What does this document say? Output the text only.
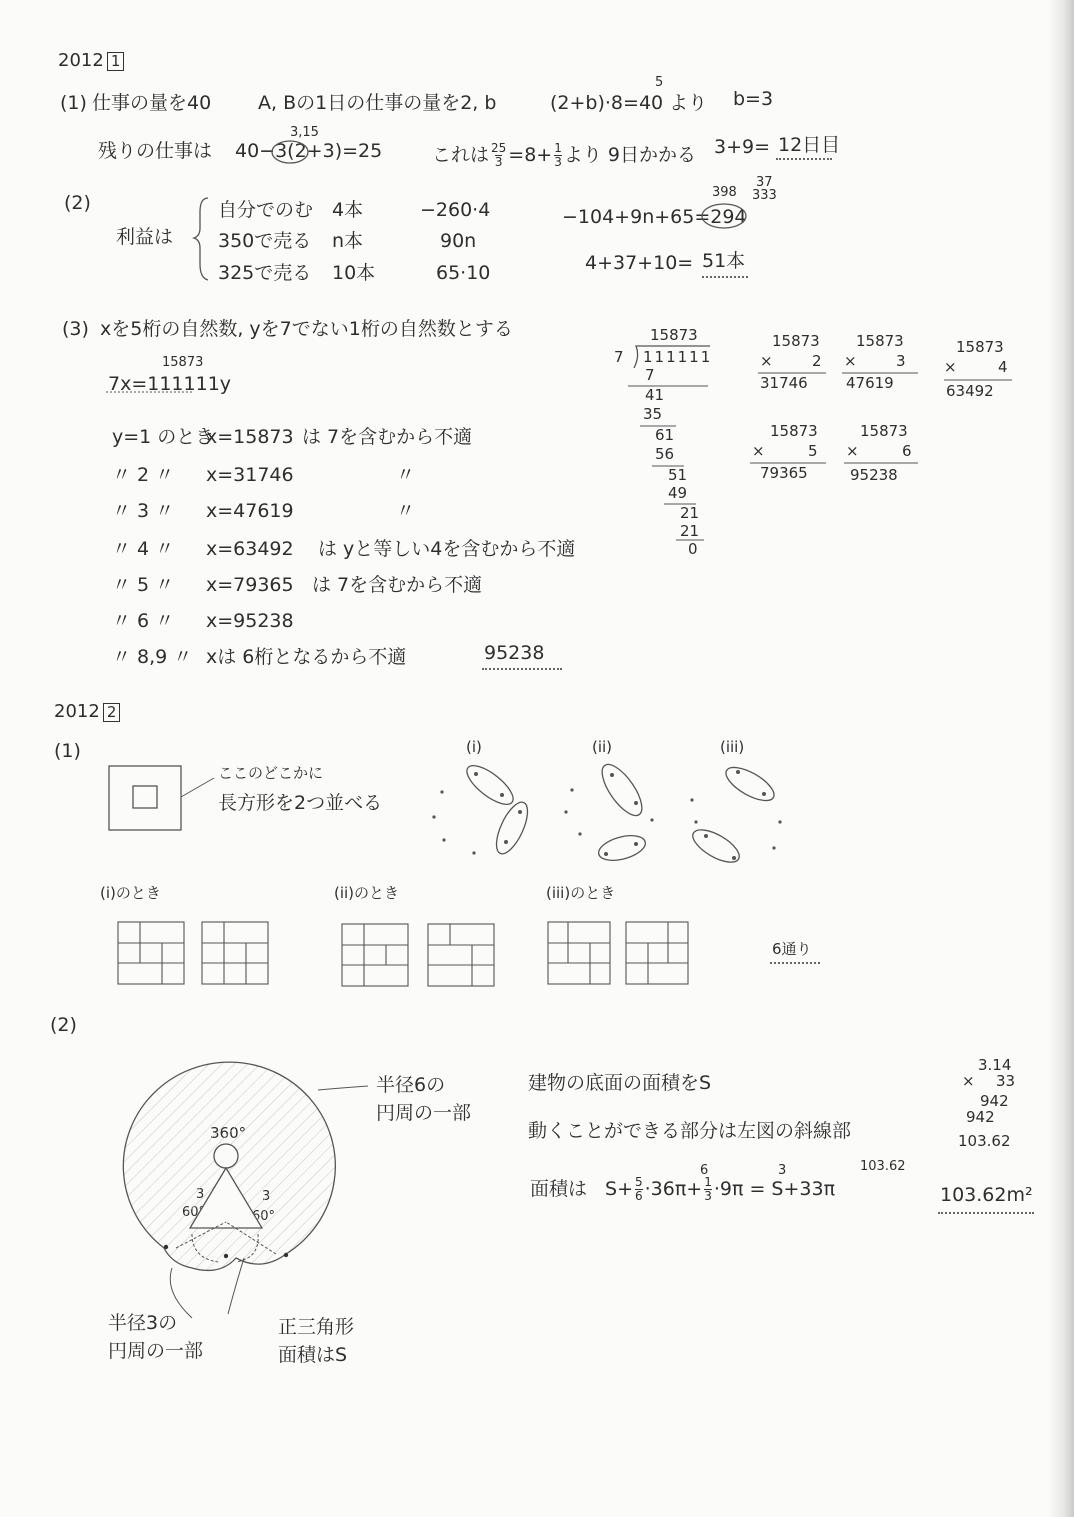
2012 1
(1) 仕事の量を40 A, Bの1日の仕事の量を2, b
5
(2+b)·8=40 より b=3
残りの仕事は
3,15
40−3(2+3)=25	これは $\frac{25}{3} =8+ \frac{1}{3}$ より 9日かかる 3+9= 12日目
(2)
利益は
自分でのむ 4本	−260·4
350で売る n本	90n
325で売る 10本	65·10
37
398 333
−104+9n+65=294
4+37+10= 51本
(3) xを5桁の自然数, yを7でない1桁の自然数とする
15873
7x=111111y
y=1 のとき
x=15873 は 7を含むから不適
〃 2 〃 x=31746	〃
〃 3 〃 x=47619	〃
〃 4 〃 x=63492 は yと等しい4を含むから不適
〃 5 〃 x=79365 は 7を含むから不適
〃 6 〃 x=95238
〃 8,9 〃 xは 6桁となるから不適	95238
15873
7 111111
7
41
35
61
56
51
49
21
21
0
15873
×	2
31746
15873
×	3
47619
15873
×	4
63492
15873
×	5
79365
15873
×	6
95238
2012 2
(1)
ここのどこかに
長方形を2つ並べる
(i)	(ii)	(iii)
(i)のとき	(ii)のとき	(iii)のとき
6通り
(2)
半径6の
円周の一部
半径3の
円周の一部
正三角形
面積はS
建物の底面の面積をS
動くことができる部分は左図の斜線部
6	3	103.62
面積は $S+ \frac{5}{6} \cdot 36\pi+ \frac{1}{3} \cdot 9\pi = S+33\pi$	103.62m²
3.14
× 33
942
942
103.62
